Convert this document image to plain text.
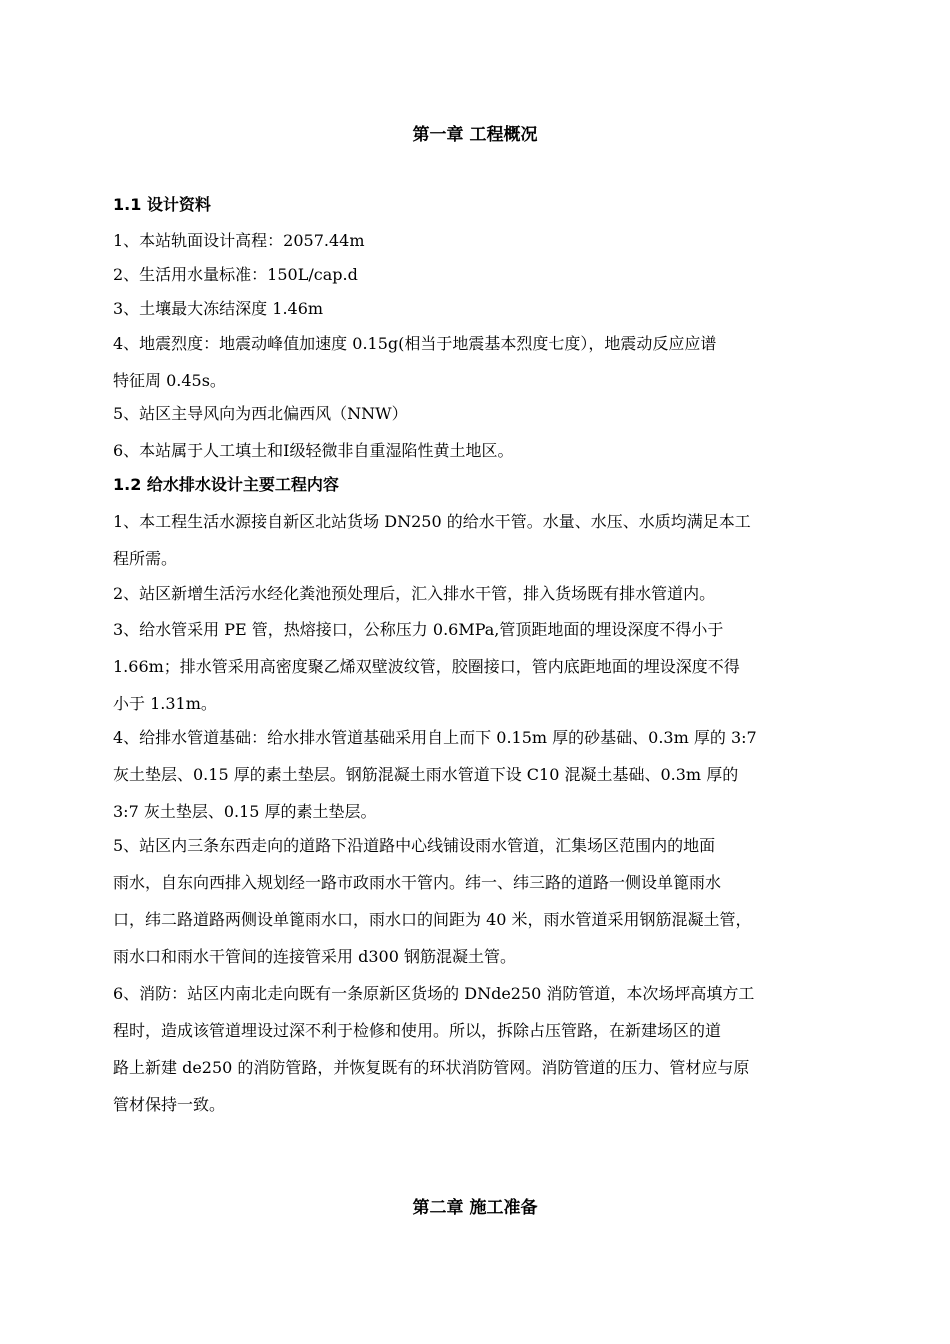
第一章 工程概况
1.1 设计资料

1、本站轨面设计高程：2057.44m

2、生活用水量标准：150L/cap.d

3、土壤最大冻结深度 1.46m

4、地震烈度：地震动峰值加速度 0.15g(相当于地震基本烈度七度），地震动反应应谱
特征周 0.45s。

5、站区主导风向为西北偏西风（NNW）

6、本站属于人工填土和Ⅰ级轻微非自重湿陷性黄土地区。

1.2 给水排水设计主要工程内容

1、本工程生活水源接自新区北站货场 DN250 的给水干管。水量、水压、水质均满足本工
程所需。

2、站区新增生活污水经化粪池预处理后，汇入排水干管，排入货场既有排水管道内。

3、给水管采用 PE 管，热熔接口，公称压力 0.6MPa,管顶距地面的埋设深度不得小于
1.66m；排水管采用高密度聚乙烯双壁波纹管，胶圈接口，管内底距地面的埋设深度不得
小于 1.31m。

4、给排水管道基础：给水排水管道基础采用自上而下 0.15m 厚的砂基础、0.3m 厚的 3:7
灰土垫层、0.15 厚的素土垫层。钢筋混凝土雨水管道下设 C10 混凝土基础、0.3m 厚的
3:7 灰土垫层、0.15 厚的素土垫层。

5、站区内三条东西走向的道路下沿道路中心线铺设雨水管道，汇集场区范围内的地面
雨水，自东向西排入规划经一路市政雨水干管内。纬一、纬三路的道路一侧设单篦雨水
口，纬二路道路两侧设单篦雨水口，雨水口的间距为 40 米，雨水管道采用钢筋混凝土管，
雨水口和雨水干管间的连接管采用 d300 钢筋混凝土管。

6、消防：站区内南北走向既有一条原新区货场的 DNde250 消防管道，本次场坪高填方工
程时，造成该管道埋设过深不利于检修和使用。所以，拆除占压管路，在新建场区的道
路上新建 de250 的消防管路，并恢复既有的环状消防管网。消防管道的压力、管材应与原
管材保持一致。

第二章 施工准备
